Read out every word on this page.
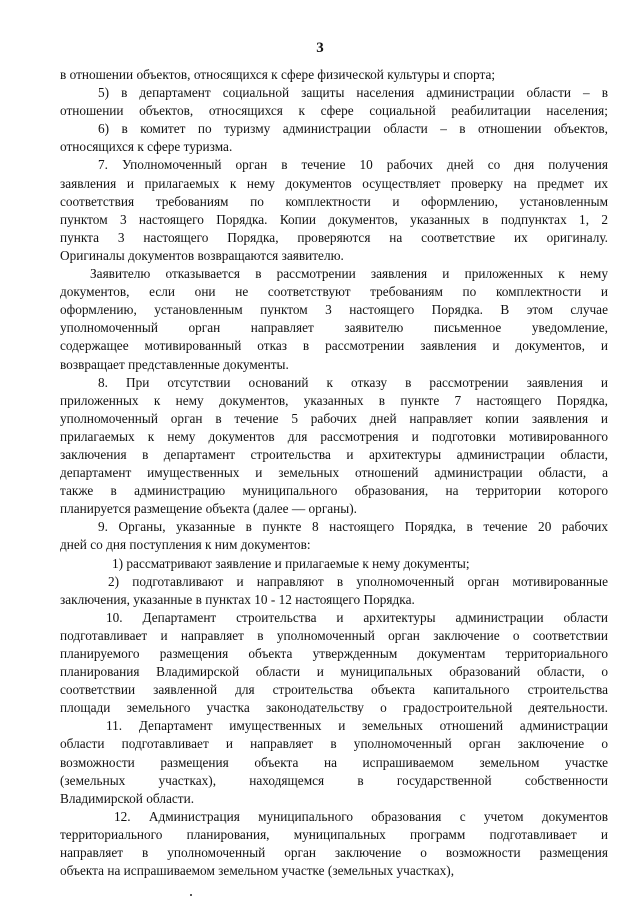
3
в отношении объектов, относящихся к сфере физической культуры и спорта;
5) в департамент социальной защиты населения администрации области – в
отношении объектов, относящихся к сфере социальной реабилитации населения;
6) в комитет по туризму администрации области – в отношении объектов,
относящихся к сфере туризма.
7. Уполномоченный орган в течение 10 рабочих дней со дня получения
заявления и прилагаемых к нему документов осуществляет проверку на предмет их
соответствия требованиям по комплектности и оформлению, установленным
пунктом 3 настоящего Порядка. Копии документов, указанных в подпунктах 1, 2
пункта 3 настоящего Порядка, проверяются на соответствие их оригиналу.
Оригиналы документов возвращаются заявителю.
Заявителю отказывается в рассмотрении заявления и приложенных к нему
документов, если они не соответствуют требованиям по комплектности и
оформлению, установленным пунктом 3 настоящего Порядка. В этом случае
уполномоченный орган направляет заявителю письменное уведомление,
содержащее мотивированный отказ в рассмотрении заявления и документов, и
возвращает представленные документы.
8. При отсутствии оснований к отказу в рассмотрении заявления и
приложенных к нему документов, указанных в пункте 7 настоящего Порядка,
уполномоченный орган в течение 5 рабочих дней направляет копии заявления и
прилагаемых к нему документов для рассмотрения и подготовки мотивированного
заключения в департамент строительства и архитектуры администрации области,
департамент имущественных и земельных отношений администрации области, а
также в администрацию муниципального образования, на территории которого
планируется размещение объекта (далее — органы).
9. Органы, указанные в пункте 8 настоящего Порядка, в течение 20 рабочих
дней со дня поступления к ним документов:
1) рассматривают заявление и прилагаемые к нему документы;
2) подготавливают и направляют в уполномоченный орган мотивированные
заключения, указанные в пунктах 10 - 12 настоящего Порядка.
10. Департамент строительства и архитектуры администрации области
подготавливает и направляет в уполномоченный орган заключение о соответствии
планируемого размещения объекта утвержденным документам территориального
планирования Владимирской области и муниципальных образований области, о
соответствии заявленной для строительства объекта капитального строительства
площади земельного участка законодательству о градостроительной деятельности.
11. Департамент имущественных и земельных отношений администрации
области подготавливает и направляет в уполномоченный орган заключение о
возможности размещения объекта на испрашиваемом земельном участке
(земельных участках), находящемся в государственной собственности
Владимирской области.
12. Администрация муниципального образования с учетом документов
территориального планирования, муниципальных программ подготавливает и
направляет в уполномоченный орган заключение о возможности размещения
объекта на испрашиваемом земельном участке (земельных участках),
